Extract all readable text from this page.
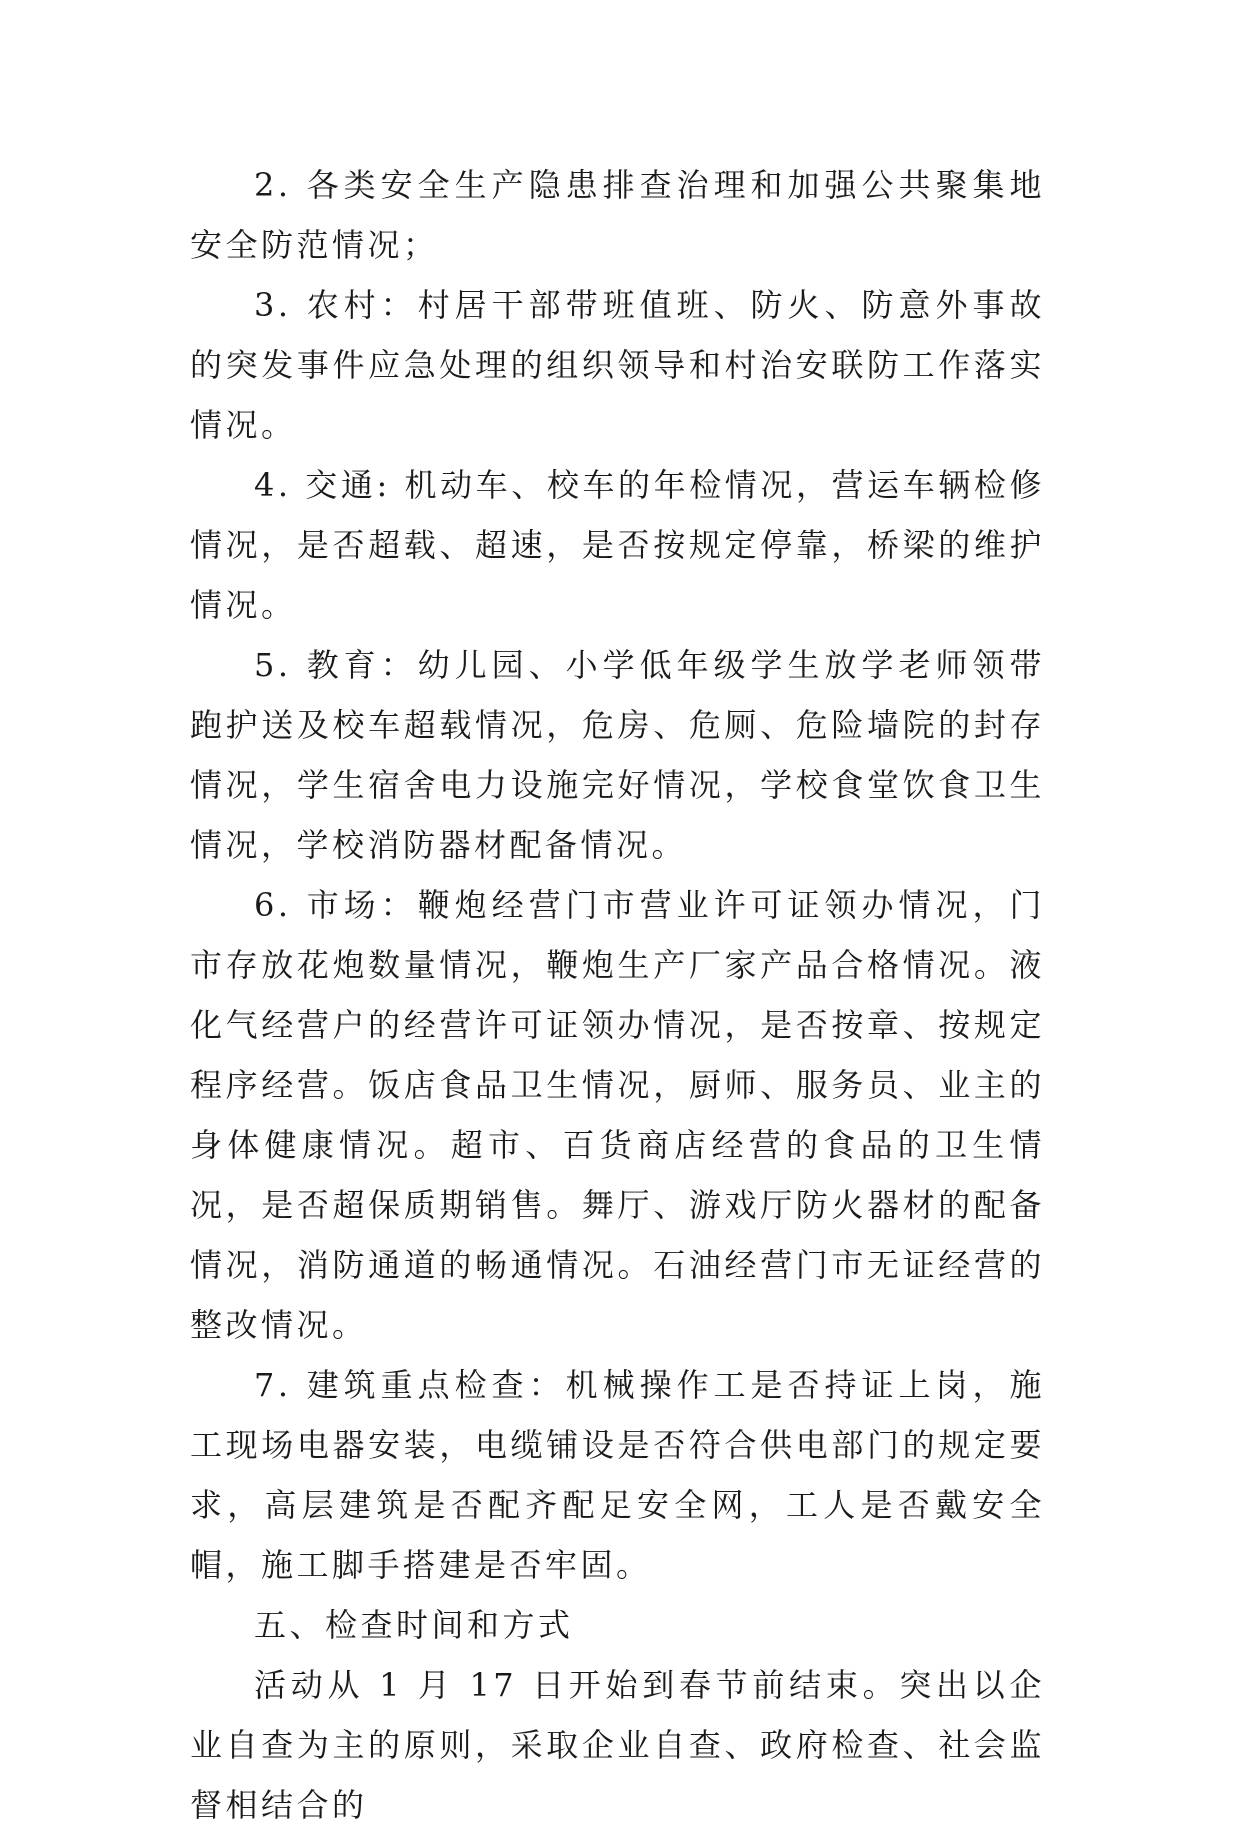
2. 各类安全生产隐患排查治理和加强公共聚集地安全防范情况；

3. 农村：村居干部带班值班、防火、防意外事故的突发事件应急处理的组织领导和村治安联防工作落实情况。

4. 交通: 机动车、校车的年检情况，营运车辆检修情况，是否超载、超速，是否按规定停靠，桥梁的维护情况。

5. 教育：幼儿园、小学低年级学生放学老师领带跑护送及校车超载情况，危房、危厕、危险墙院的封存情况，学生宿舍电力设施完好情况，学校食堂饮食卫生情况，学校消防器材配备情况。

6. 市场：鞭炮经营门市营业许可证领办情况，门市存放花炮数量情况，鞭炮生产厂家产品合格情况。液化气经营户的经营许可证领办情况，是否按章、按规定程序经营。饭店食品卫生情况，厨师、服务员、业主的身体健康情况。超市、百货商店经营的食品的卫生情况，是否超保质期销售。舞厅、游戏厅防火器材的配备情况，消防通道的畅通情况。石油经营门市无证经营的整改情况。

7. 建筑重点检查：机械操作工是否持证上岗，施工现场电器安装，电缆铺设是否符合供电部门的规定要求，高层建筑是否配齐配足安全网，工人是否戴安全帽，施工脚手搭建是否牢固。

五、检查时间和方式

活动从 1 月 17 日开始到春节前结束。突出以企业自查为主的原则，采取企业自查、政府检查、社会监督相结合的
